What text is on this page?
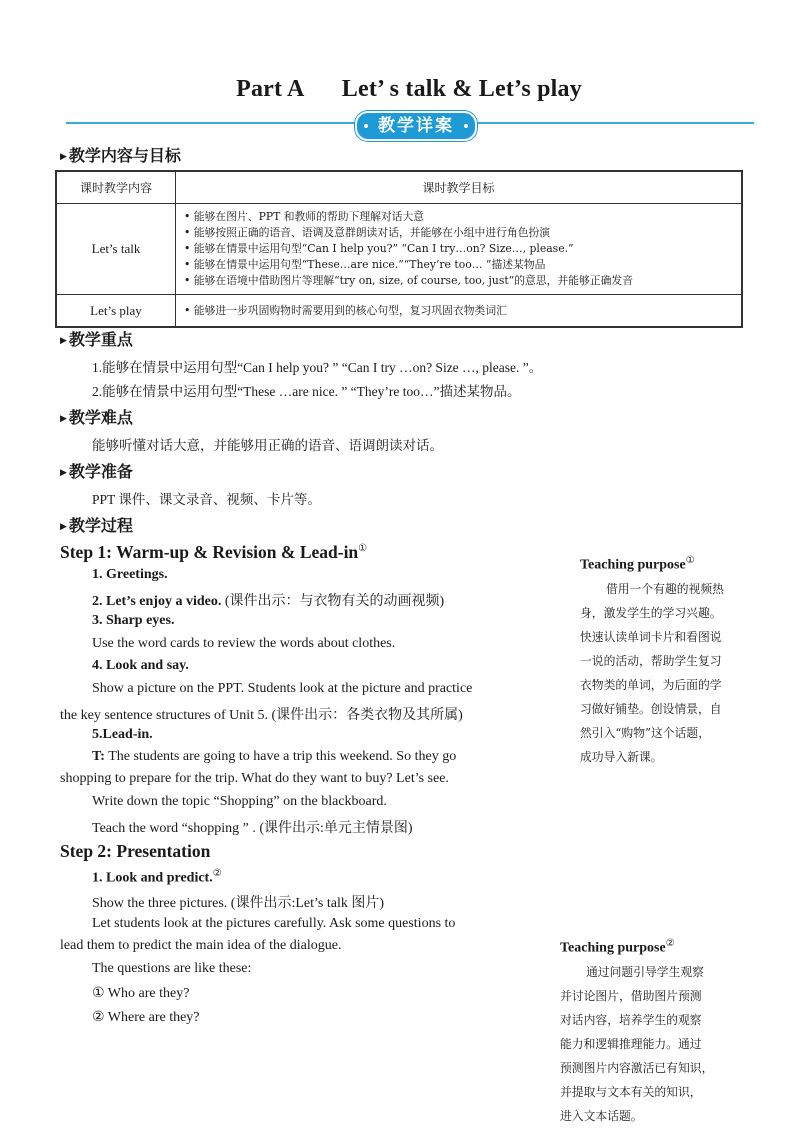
Part A      Let’ s talk & Let’s play
教学详案
▶ 教学内容与目标
课时教学内容	课时教学目标
Let’s talk	• 能够在图片、PPT 和教师的帮助下理解对话大意
• 能够按照正确的语音、语调及意群朗读对话，并能够在小组中进行角色扮演
• 能够在情景中运用句型“Can I help you?” “Can I try…on? Size…, please.”
• 能够在情景中运用句型“These…are nice.”“They’re too… ”描述某物品
• 能够在语境中借助图片等理解“try on, size, of course, too, just”的意思，并能够正确发音

Let’s play	• 能够进一步巩固购物时需要用到的核心句型，复习巩固衣物类词汇
▶ 教学重点
1.能够在情景中运用句型“Can I help you? ” “Can I try …on? Size …, please. ”。
2.能够在情景中运用句型“These …are nice. ” “They’re too…”描述某物品。
▶ 教学难点
能够听懂对话大意，并能够用正确的语音、语调朗读对话。
▶ 教学准备
PPT 课件、课文录音、视频、卡片等。
▶ 教学过程
Step 1: Warm-up & Revision & Lead-in①
1. Greetings.
2. Let’s enjoy a video. (课件出示：与衣物有关的动画视频)
3. Sharp eyes.
Use the word cards to review the words about clothes.
4. Look and say.
Show a picture on the PPT. Students look at the picture and practice
the key sentence structures of Unit 5. (课件出示：各类衣物及其所属)
5.Lead-in.
T: The students are going to have a trip this weekend. So they go
shopping to prepare for the trip. What do they want to buy? Let’s see.
Write down the topic “Shopping” on the blackboard.
Teach the word “shopping ” . (课件出示:单元主情景图)
Step 2: Presentation
1. Look and predict.②
Show the three pictures. (课件出示:Let’s talk 图片)
Let students look at the pictures carefully. Ask some questions to
lead them to predict the main idea of the dialogue.
The questions are like these:
① Who are they?
② Where are they?
Teaching purpose①
借用一个有趣的视频热
身，激发学生的学习兴趣。
快速认读单词卡片和看图说
一说的活动，帮助学生复习
衣物类的单词，为后面的学
习做好铺垫。创设情景，自
然引入“购物”这个话题，
成功导入新课。
Teaching purpose②
通过问题引导学生观察
并讨论图片，借助图片预测
对话内容，培养学生的观察
能力和逻辑推理能力。通过
预测图片内容激活已有知识，
并提取与文本有关的知识，
进入文本话题。
